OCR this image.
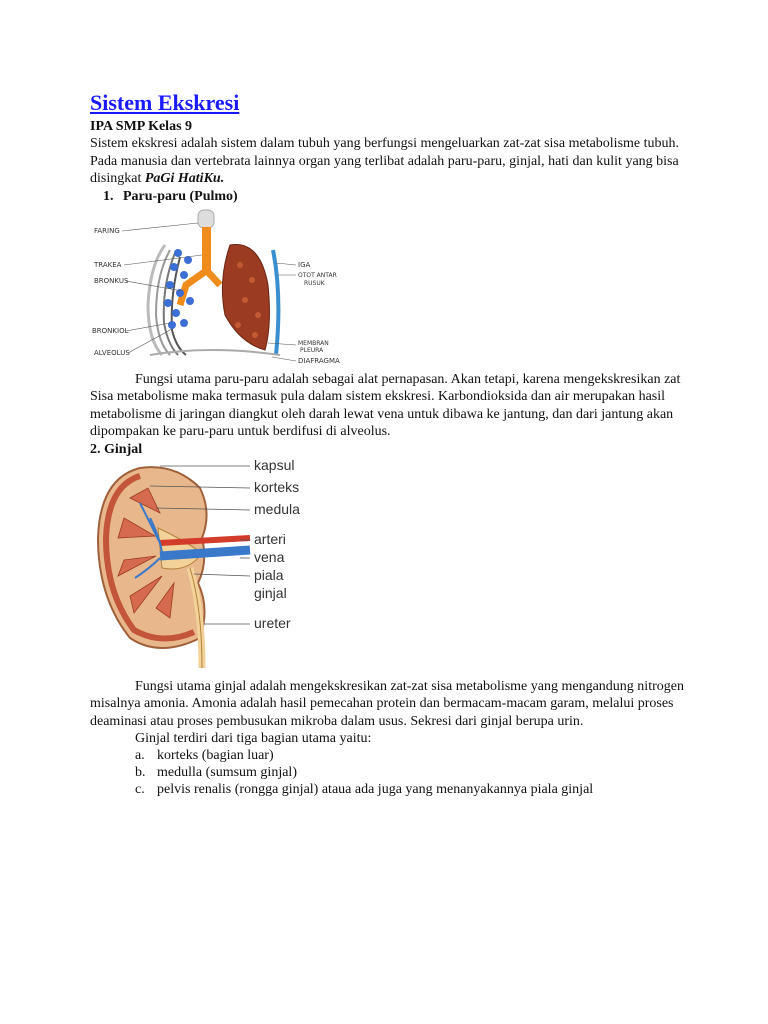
Sistem Ekskresi
IPA SMP Kelas 9

Sistem ekskresi adalah sistem dalam tubuh yang berfungsi mengeluarkan zat-zat sisa metabolisme tubuh. Pada manusia dan vertebrata lainnya organ yang terlibat adalah paru-paru, ginjal, hati dan kulit yang bisa disingkat PaGi HatiKu.

1. Paru-paru (Pulmo)
FARING
TRAKEA
BRONKUS
BRONKIOL
ALVEOLUS
IGA
OTOT ANTAR
RUSUK
MEMBRAN
PLEURA
DIAFRAGMA

Fungsi utama paru-paru adalah sebagai alat pernapasan. Akan tetapi, karena mengekskresikan zat Sisa metabolisme maka termasuk pula dalam sistem ekskresi. Karbondioksida dan air merupakan hasil metabolisme di jaringan diangkut oleh darah lewat vena untuk dibawa ke jantung, dan dari jantung akan dipompakan ke paru-paru untuk berdifusi di alveolus.

2. Ginjal
kapsul
korteks
medula
arteri
vena
piala
ginjal
ureter

Fungsi utama ginjal adalah mengekskresikan zat-zat sisa metabolisme yang mengandung nitrogen misalnya amonia. Amonia adalah hasil pemecahan protein dan bermacam-macam garam, melalui proses deaminasi atau proses pembusukan mikroba dalam usus. Sekresi dari ginjal berupa urin.

Ginjal terdiri dari tiga bagian utama yaitu:

a. korteks (bagian luar)
b. medulla (sumsum ginjal)
c. pelvis renalis (rongga ginjal) ataua ada juga yang menanyakannya piala ginjal
